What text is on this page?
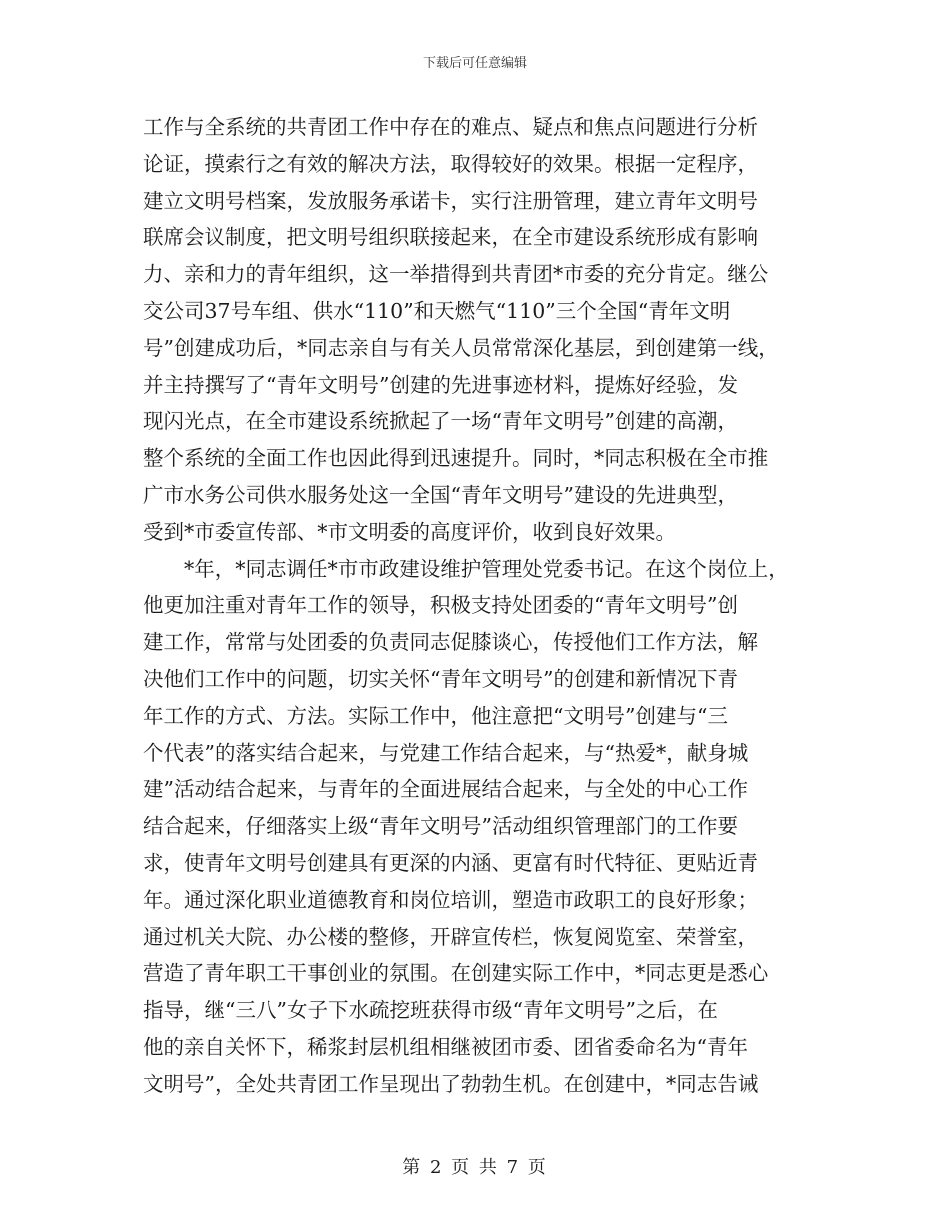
下载后可任意编辑
工作与全系统的共青团工作中存在的难点、疑点和焦点问题进行分析
论证，摸索行之有效的解决方法，取得较好的效果。根据一定程序，
建立文明号档案，发放服务承诺卡，实行注册管理，建立青年文明号
联席会议制度，把文明号组织联接起来，在全市建设系统形成有影响
力、亲和力的青年组织，这一举措得到共青团*市委的充分肯定。继公
交公司37号车组、供水“110”和天燃气“110”三个全国“青年文明
号”创建成功后，*同志亲自与有关人员常常深化基层，到创建第一线，
并主持撰写了“青年文明号”创建的先进事迹材料，提炼好经验，发
现闪光点，在全市建设系统掀起了一场“青年文明号”创建的高潮，
整个系统的全面工作也因此得到迅速提升。同时，*同志积极在全市推
广市水务公司供水服务处这一全国“青年文明号”建设的先进典型，
受到*市委宣传部、*市文明委的高度评价，收到良好效果。
*年，*同志调任*市市政建设维护管理处党委书记。在这个岗位上，
他更加注重对青年工作的领导，积极支持处团委的“青年文明号”创
建工作，常常与处团委的负责同志促膝谈心，传授他们工作方法，解
决他们工作中的问题，切实关怀“青年文明号”的创建和新情况下青
年工作的方式、方法。实际工作中，他注意把“文明号”创建与“三
个代表”的落实结合起来，与党建工作结合起来，与“热爱*，献身城
建”活动结合起来，与青年的全面进展结合起来，与全处的中心工作
结合起来，仔细落实上级“青年文明号”活动组织管理部门的工作要
求，使青年文明号创建具有更深的内涵、更富有时代特征、更贴近青
年。通过深化职业道德教育和岗位培训，塑造市政职工的良好形象；
通过机关大院、办公楼的整修，开辟宣传栏，恢复阅览室、荣誉室，
营造了青年职工干事创业的氛围。在创建实际工作中，*同志更是悉心
指导，继“三八”女子下水疏挖班获得市级“青年文明号”之后，在
他的亲自关怀下，稀浆封层机组相继被团市委、团省委命名为“青年
文明号”，全处共青团工作呈现出了勃勃生机。在创建中，*同志告诫
第 2 页 共 7 页
